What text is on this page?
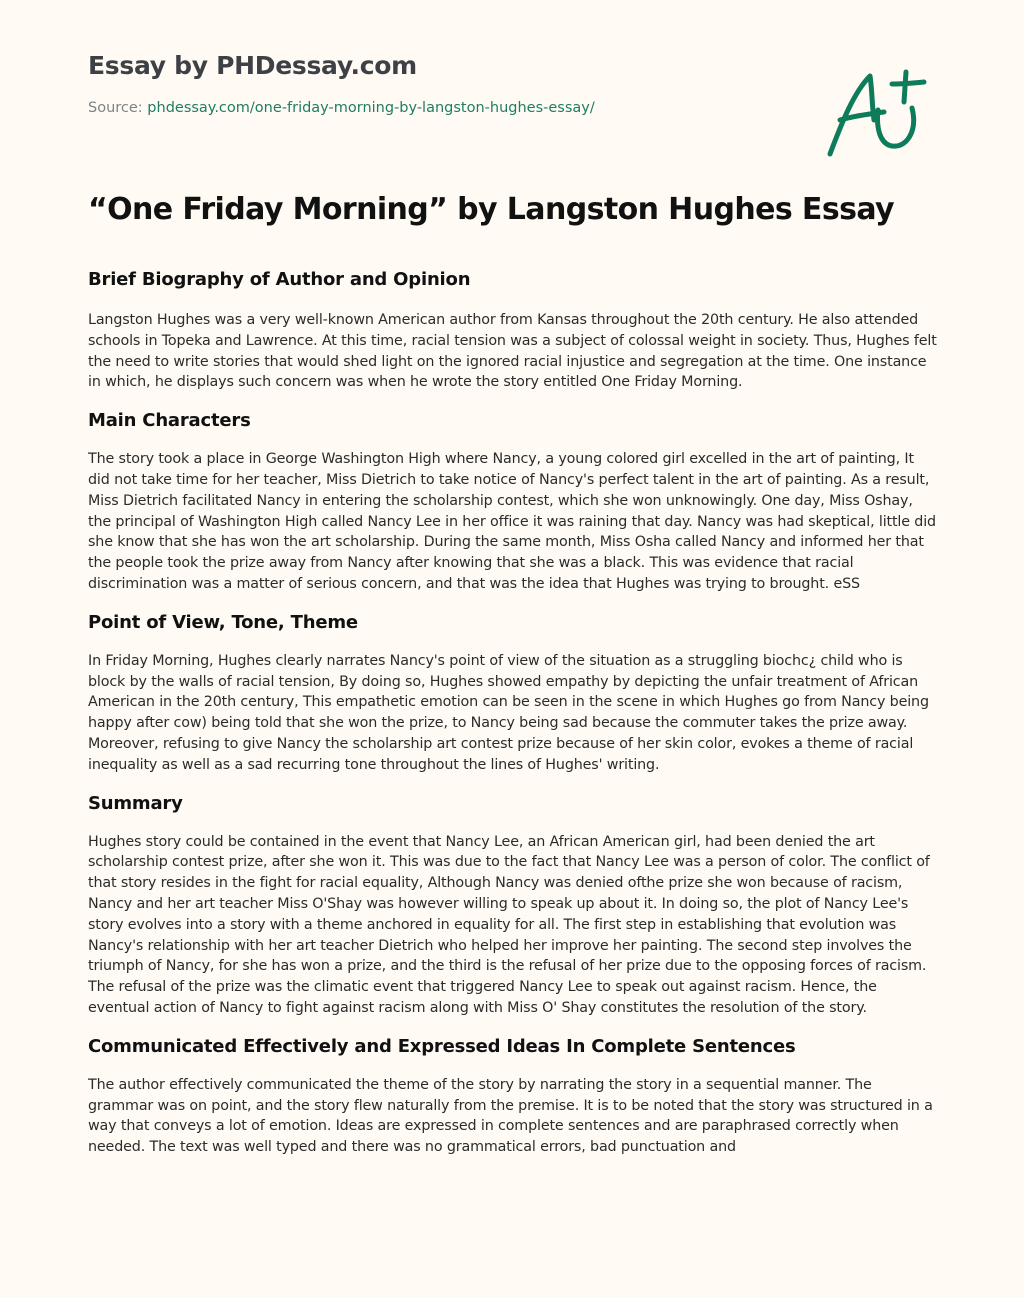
Essay by PHDessay.com
Source: phdessay.com/one-friday-morning-by-langston-hughes-essay/
“One Friday Morning” by Langston Hughes Essay
Brief Biography of Author and Opinion

Langston Hughes was a very well-known American author from Kansas throughout the 20th century. He also attended schools in Topeka and Lawrence. At this time, racial tension was a subject of colossal weight in society. Thus, Hughes felt the need to write stories that would shed light on the ignored racial injustice and segregation at the time. One instance in which, he displays such concern was when he wrote the story entitled One Friday Morning.

Main Characters

The story took a place in George Washington High where Nancy, a young colored girl excelled in the art of painting, It did not take time for her teacher, Miss Dietrich to take notice of Nancy's perfect talent in the art of painting. As a result, Miss Dietrich facilitated Nancy in entering the scholarship contest, which she won unknowingly. One day, Miss Oshay, the principal of Washington High called Nancy Lee in her office it was raining that day. Nancy was had skeptical, little did she know that she has won the art scholarship. During the same month, Miss Osha called Nancy and informed her that the people took the prize away from Nancy after knowing that she was a black. This was evidence that racial discrimination was a matter of serious concern, and that was the idea that Hughes was trying to brought. eSS

Point of View, Tone, Theme

In Friday Morning, Hughes clearly narrates Nancy's point of view of the situation as a struggling biochc¿ child who is block by the walls of racial tension, By doing so, Hughes showed empathy by depicting the unfair treatment of African American in the 20th century, This empathetic emotion can be seen in the scene in which Hughes go from Nancy being happy after cow) being told that she won the prize, to Nancy being sad because the commuter takes the prize away. Moreover, refusing to give Nancy the scholarship art contest prize because of her skin color, evokes a theme of racial inequality as well as a sad recurring tone throughout the lines of Hughes' writing.

Summary

Hughes story could be contained in the event that Nancy Lee, an African American girl, had been denied the art scholarship contest prize, after she won it. This was due to the fact that Nancy Lee was a person of color. The conflict of that story resides in the fight for racial equality, Although Nancy was denied ofthe prize she won because of racism, Nancy and her art teacher Miss O'Shay was however willing to speak up about it. In doing so, the plot of Nancy Lee's story evolves into a story with a theme anchored in equality for all. The first step in establishing that evolution was Nancy's relationship with her art teacher Dietrich who helped her improve her painting. The second step involves the triumph of Nancy, for she has won a prize, and the third is the refusal of her prize due to the opposing forces of racism. The refusal of the prize was the climatic event that triggered Nancy Lee to speak out against racism. Hence, the eventual action of Nancy to fight against racism along with Miss O' Shay constitutes the resolution of the story.

Communicated Effectively and Expressed Ideas In Complete Sentences

The author effectively communicated the theme of the story by narrating the story in a sequential manner. The grammar was on point, and the story flew naturally from the premise. It is to be noted that the story was structured in a way that conveys a lot of emotion. Ideas are expressed in complete sentences and are paraphrased correctly when needed. The text was well typed and there was no grammatical errors, bad punctuation and
